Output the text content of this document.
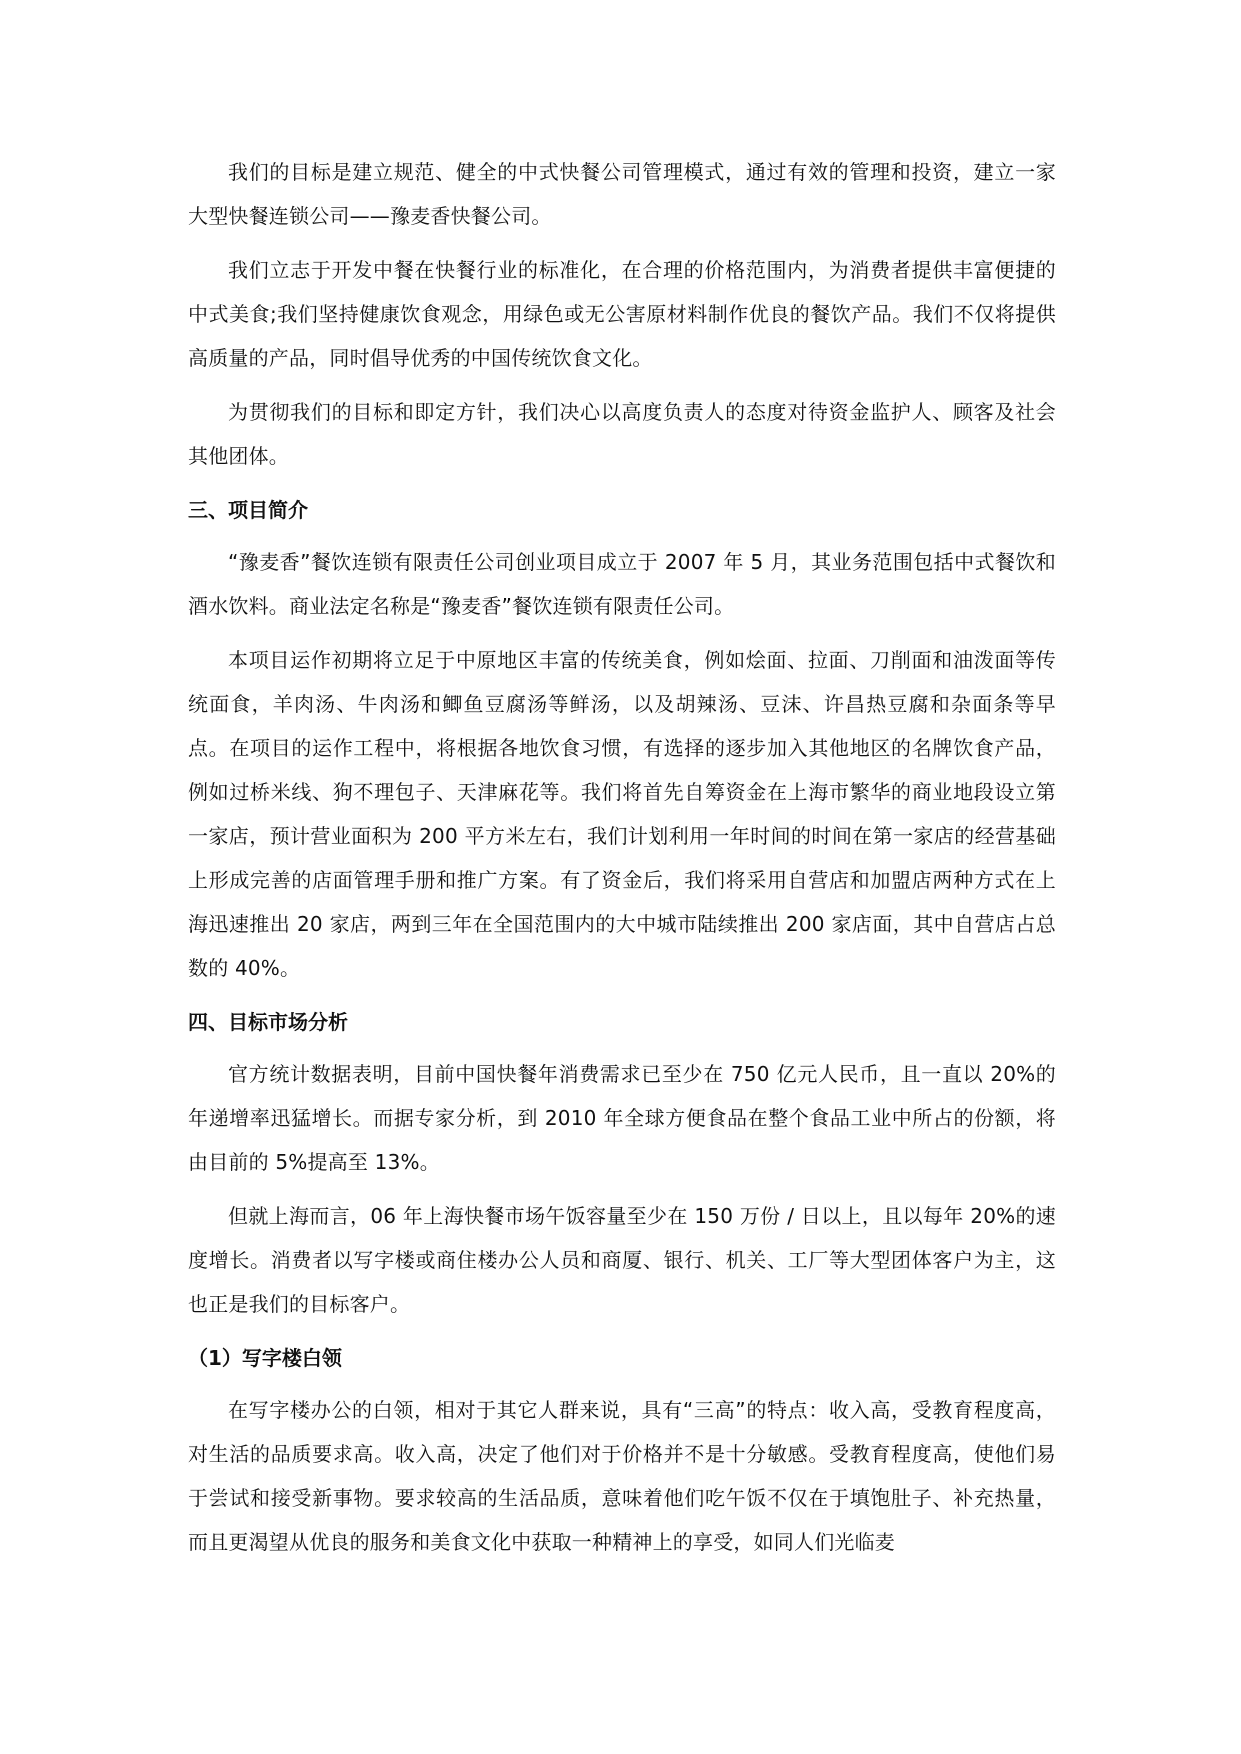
我们的目标是建立规范、健全的中式快餐公司管理模式，通过有效的管理和投资，建立一家大型快餐连锁公司——豫麦香快餐公司。

我们立志于开发中餐在快餐行业的标准化，在合理的价格范围内，为消费者提供丰富便捷的中式美食;我们坚持健康饮食观念，用绿色或无公害原材料制作优良的餐饮产品。我们不仅将提供高质量的产品，同时倡导优秀的中国传统饮食文化。

为贯彻我们的目标和即定方针，我们决心以高度负责人的态度对待资金监护人、顾客及社会其他团体。

三、项目简介

“豫麦香”餐饮连锁有限责任公司创业项目成立于 2007 年 5 月，其业务范围包括中式餐饮和酒水饮料。商业法定名称是“豫麦香”餐饮连锁有限责任公司。

本项目运作初期将立足于中原地区丰富的传统美食，例如烩面、拉面、刀削面和油泼面等传统面食，羊肉汤、牛肉汤和鲫鱼豆腐汤等鲜汤，以及胡辣汤、豆沫、许昌热豆腐和杂面条等早点。在项目的运作工程中，将根据各地饮食习惯，有选择的逐步加入其他地区的名牌饮食产品，例如过桥米线、狗不理包子、天津麻花等。我们将首先自筹资金在上海市繁华的商业地段设立第一家店，预计营业面积为 200 平方米左右，我们计划利用一年时间的时间在第一家店的经营基础上形成完善的店面管理手册和推广方案。有了资金后，我们将采用自营店和加盟店两种方式在上海迅速推出 20 家店，两到三年在全国范围内的大中城市陆续推出 200 家店面，其中自营店占总数的 40%。

四、目标市场分析

官方统计数据表明，目前中国快餐年消费需求已至少在 750 亿元人民币，且一直以 20%的年递增率迅猛增长。而据专家分析，到 2010 年全球方便食品在整个食品工业中所占的份额，将由目前的 5%提高至 13%。

但就上海而言，06 年上海快餐市场午饭容量至少在 150 万份 / 日以上，且以每年 20%的速度增长。消费者以写字楼或商住楼办公人员和商厦、银行、机关、工厂等大型团体客户为主，这也正是我们的目标客户。

（1）写字楼白领

在写字楼办公的白领，相对于其它人群来说，具有“三高”的特点：收入高，受教育程度高，对生活的品质要求高。收入高，决定了他们对于价格并不是十分敏感。受教育程度高，使他们易于尝试和接受新事物。要求较高的生活品质，意味着他们吃午饭不仅在于填饱肚子、补充热量，而且更渴望从优良的服务和美食文化中获取一种精神上的享受，如同人们光临麦
